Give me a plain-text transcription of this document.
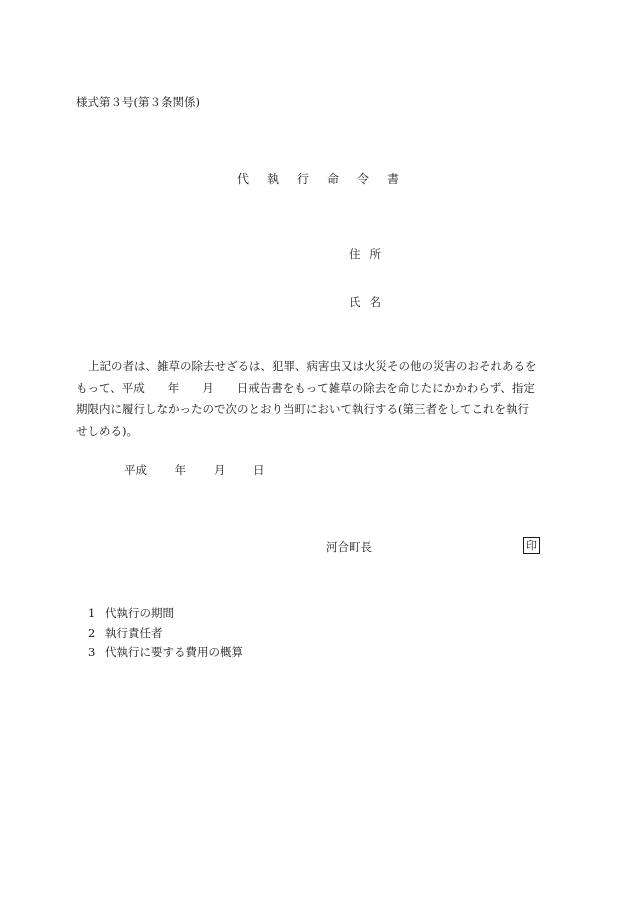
様式第３号(第３条関係)
代執行命令書
住所
氏名
上記の者は、雑草の除去せざるは、犯罪、病害虫又は火災その他の災害のおそれあるを
もって、平成　　年　　月　　日戒告書をもって雑草の除去を命じたにかかわらず、指定
期限内に履行しなかったので次のとおり当町において執行する(第三者をしてこれを執行
せしめる)。
平成 年 月 日
河合町長	印
1 代執行の期間
2 執行責任者
3 代執行に要する費用の概算
